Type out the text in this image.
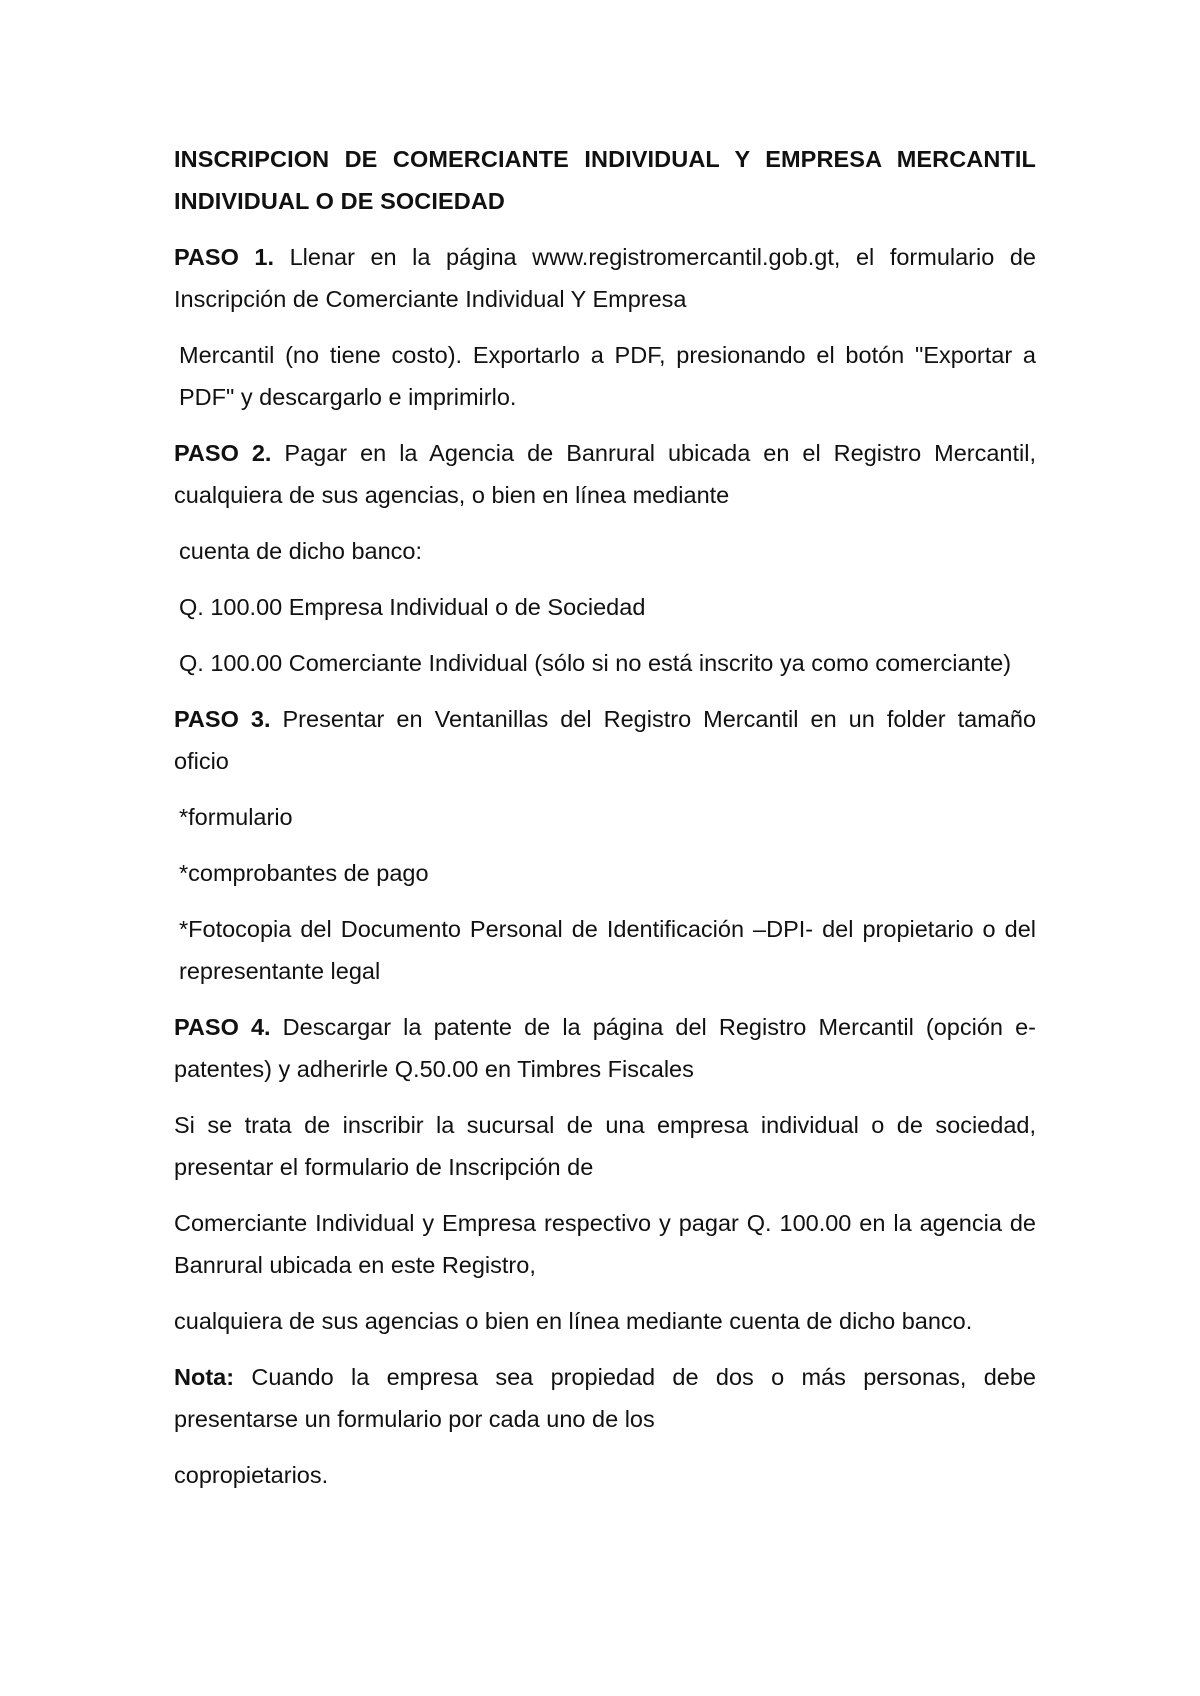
INSCRIPCION DE COMERCIANTE INDIVIDUAL Y EMPRESA MERCANTIL INDIVIDUAL O DE SOCIEDAD

PASO 1. Llenar en la página www.registromercantil.gob.gt, el formulario de Inscripción de Comerciante Individual Y Empresa

Mercantil (no tiene costo). Exportarlo a PDF, presionando el botón "Exportar a PDF" y descargarlo e imprimirlo.

PASO 2. Pagar en la Agencia de Banrural ubicada en el Registro Mercantil, cualquiera de sus agencias, o bien en línea mediante

cuenta de dicho banco:

Q. 100.00 Empresa Individual o de Sociedad

Q. 100.00 Comerciante Individual (sólo si no está inscrito ya como comerciante)

PASO 3. Presentar en Ventanillas del Registro Mercantil en un folder tamaño oficio

*formulario

*comprobantes de pago

*Fotocopia del Documento Personal de Identificación –DPI- del propietario o del representante legal

PASO 4. Descargar la patente de la página del Registro Mercantil (opción e-patentes) y adherirle Q.50.00 en Timbres Fiscales

Si se trata de inscribir la sucursal de una empresa individual o de sociedad, presentar el formulario de Inscripción de

Comerciante Individual y Empresa respectivo y pagar Q. 100.00 en la agencia de Banrural ubicada en este Registro,

cualquiera de sus agencias o bien en línea mediante cuenta de dicho banco.

Nota: Cuando la empresa sea propiedad de dos o más personas, debe presentarse un formulario por cada uno de los

copropietarios.
